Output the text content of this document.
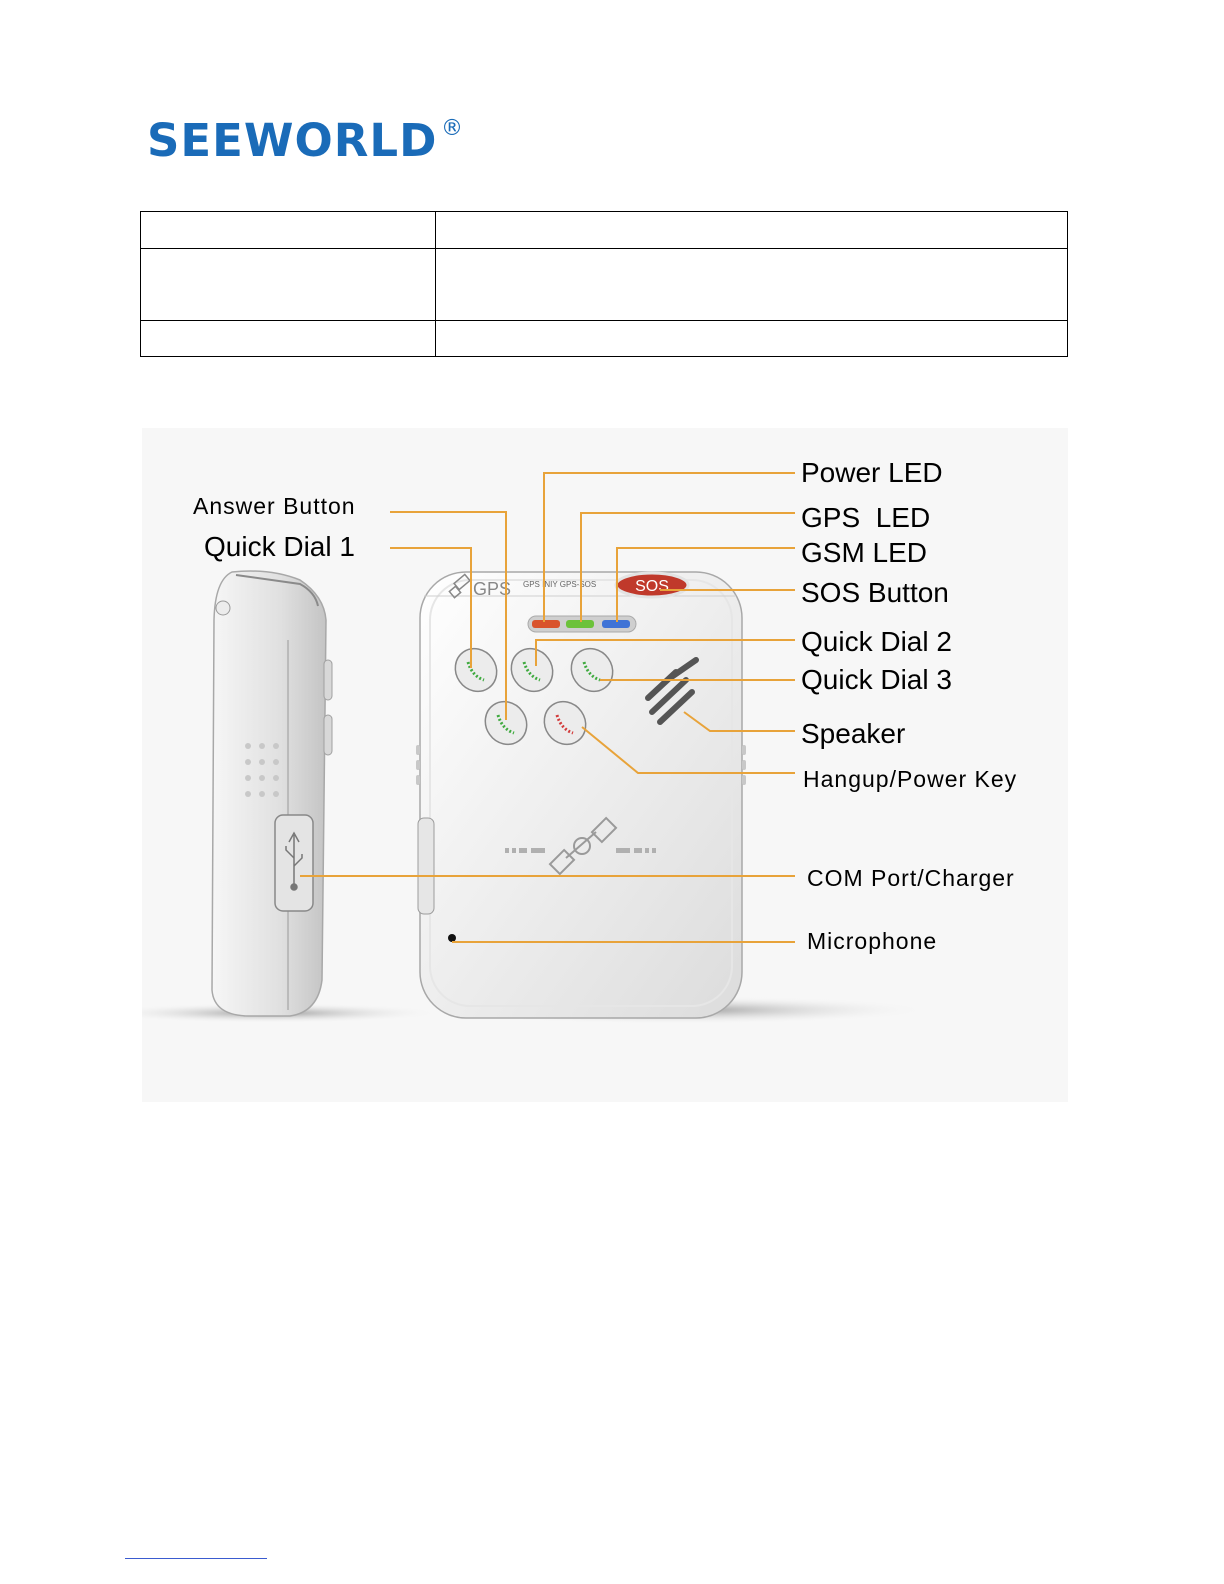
SEEWORLD ®

GPS GPS INIY GPS-SOS SOS
Power LED
Answer Button	GPS  LED
Quick Dial 1	GSM LED
SOS Button
Quick Dial 2
Quick Dial 3
Speaker
Hangup/Power Key
COM Port/Charger
Microphone
